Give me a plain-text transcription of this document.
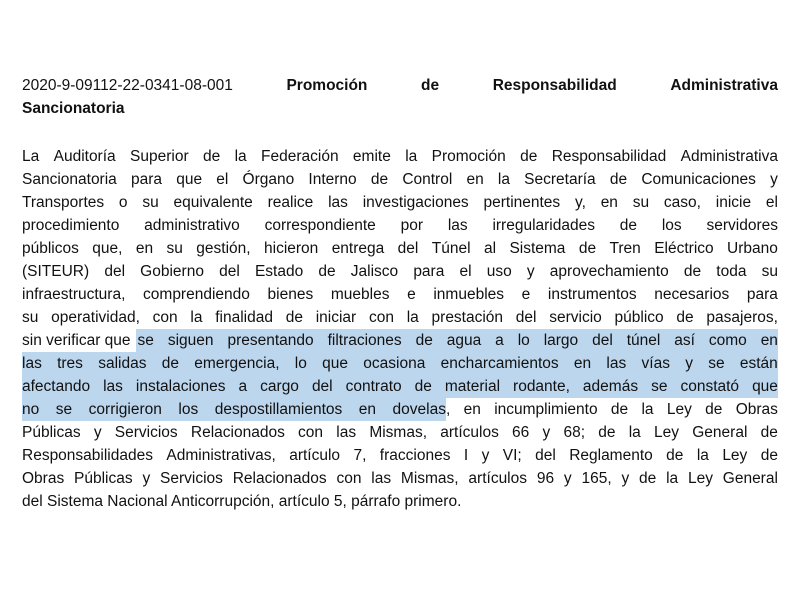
2020-9-09112-22-0341-08-001	Promoción	de	Responsabilidad	Administrativa
Sancionatoria
La Auditoría Superior de la Federación emite la Promoción de Responsabilidad Administrativa
Sancionatoria para que el Órgano Interno de Control en la Secretaría de Comunicaciones y
Transportes o su equivalente realice las investigaciones pertinentes y, en su caso, inicie el
procedimiento administrativo correspondiente por las irregularidades de los servidores
públicos que, en su gestión, hicieron entrega del Túnel al Sistema de Tren Eléctrico Urbano
(SITEUR) del Gobierno del Estado de Jalisco para el uso y aprovechamiento de toda su
infraestructura, comprendiendo bienes muebles e inmuebles e instrumentos necesarios para
su operatividad, con la finalidad de iniciar con la prestación del servicio público de pasajeros,
sin verificar que se siguen presentando filtraciones de agua a lo largo del túnel así como en
las tres salidas de emergencia, lo que ocasiona encharcamientos en las vías y se están
afectando las instalaciones a cargo del contrato de material rodante, además se constató que
no se corrigieron los despostillamientos en dovelas , en incumplimiento de la Ley de Obras
Públicas y Servicios Relacionados con las Mismas, artículos 66 y 68; de la Ley General de
Responsabilidades Administrativas, artículo 7, fracciones I y VI; del Reglamento de la Ley de
Obras Públicas y Servicios Relacionados con las Mismas, artículos 96 y 165, y de la Ley General
del Sistema Nacional Anticorrupción, artículo 5, párrafo primero.
